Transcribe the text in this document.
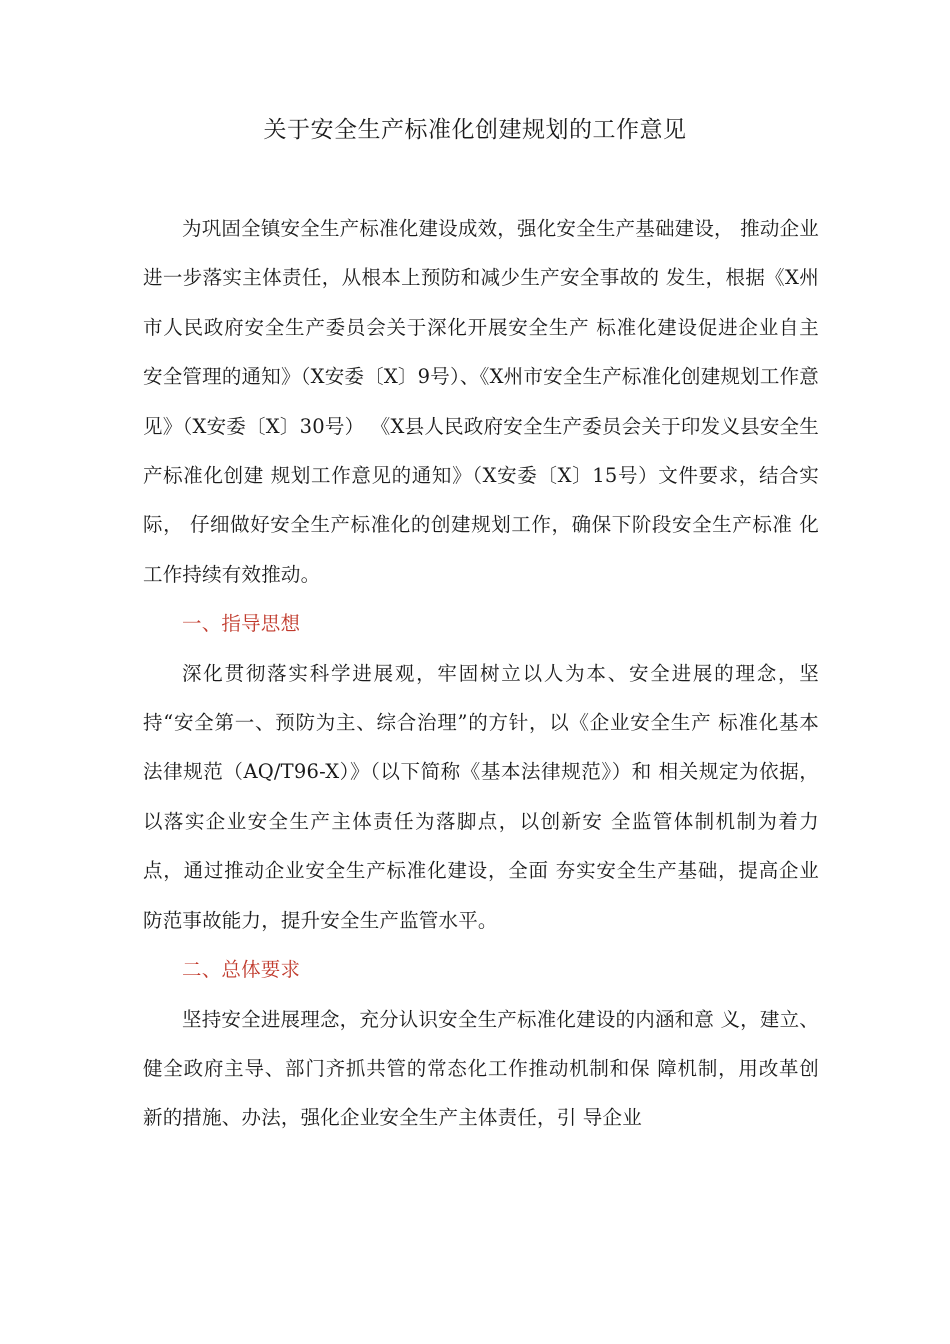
关于安全生产标准化创建规划的工作意见

为巩固全镇安全生产标准化建设成效，强化安全生产基础建设， 推动企业进一步落实主体责任，从根本上预防和减少生产安全事故的 发生，根据《X州市人民政府安全生产委员会关于深化开展安全生产 标准化建设促进企业自主安全管理的通知》（X安委〔X〕9号）、《X州市安全生产标准化创建规划工作意见》（X安委〔X〕30号） 《X县人民政府安全生产委员会关于印发义县安全生产标准化创建 规划工作意见的通知》（X安委〔X〕15号）文件要求，结合实际， 仔细做好安全生产标准化的创建规划工作，确保下阶段安全生产标准 化工作持续有效推动。

一、指导思想

深化贯彻落实科学进展观，牢固树立以人为本、安全进展的理念，坚持“安全第一、预防为主、综合治理”的方针，以《企业安全生产 标准化基本法律规范（AQ/T96-X）》（以下简称《基本法律规范》）和 相关规定为依据，以落实企业安全生产主体责任为落脚点，以创新安 全监管体制机制为着力点，通过推动企业安全生产标准化建设，全面 夯实安全生产基础，提高企业防范事故能力，提升安全生产监管水平。

二、总体要求

坚持安全进展理念，充分认识安全生产标准化建设的内涵和意 义，建立、健全政府主导、部门齐抓共管的常态化工作推动机制和保 障机制，用改革创新的措施、办法，强化企业安全生产主体责任，引 导企业
